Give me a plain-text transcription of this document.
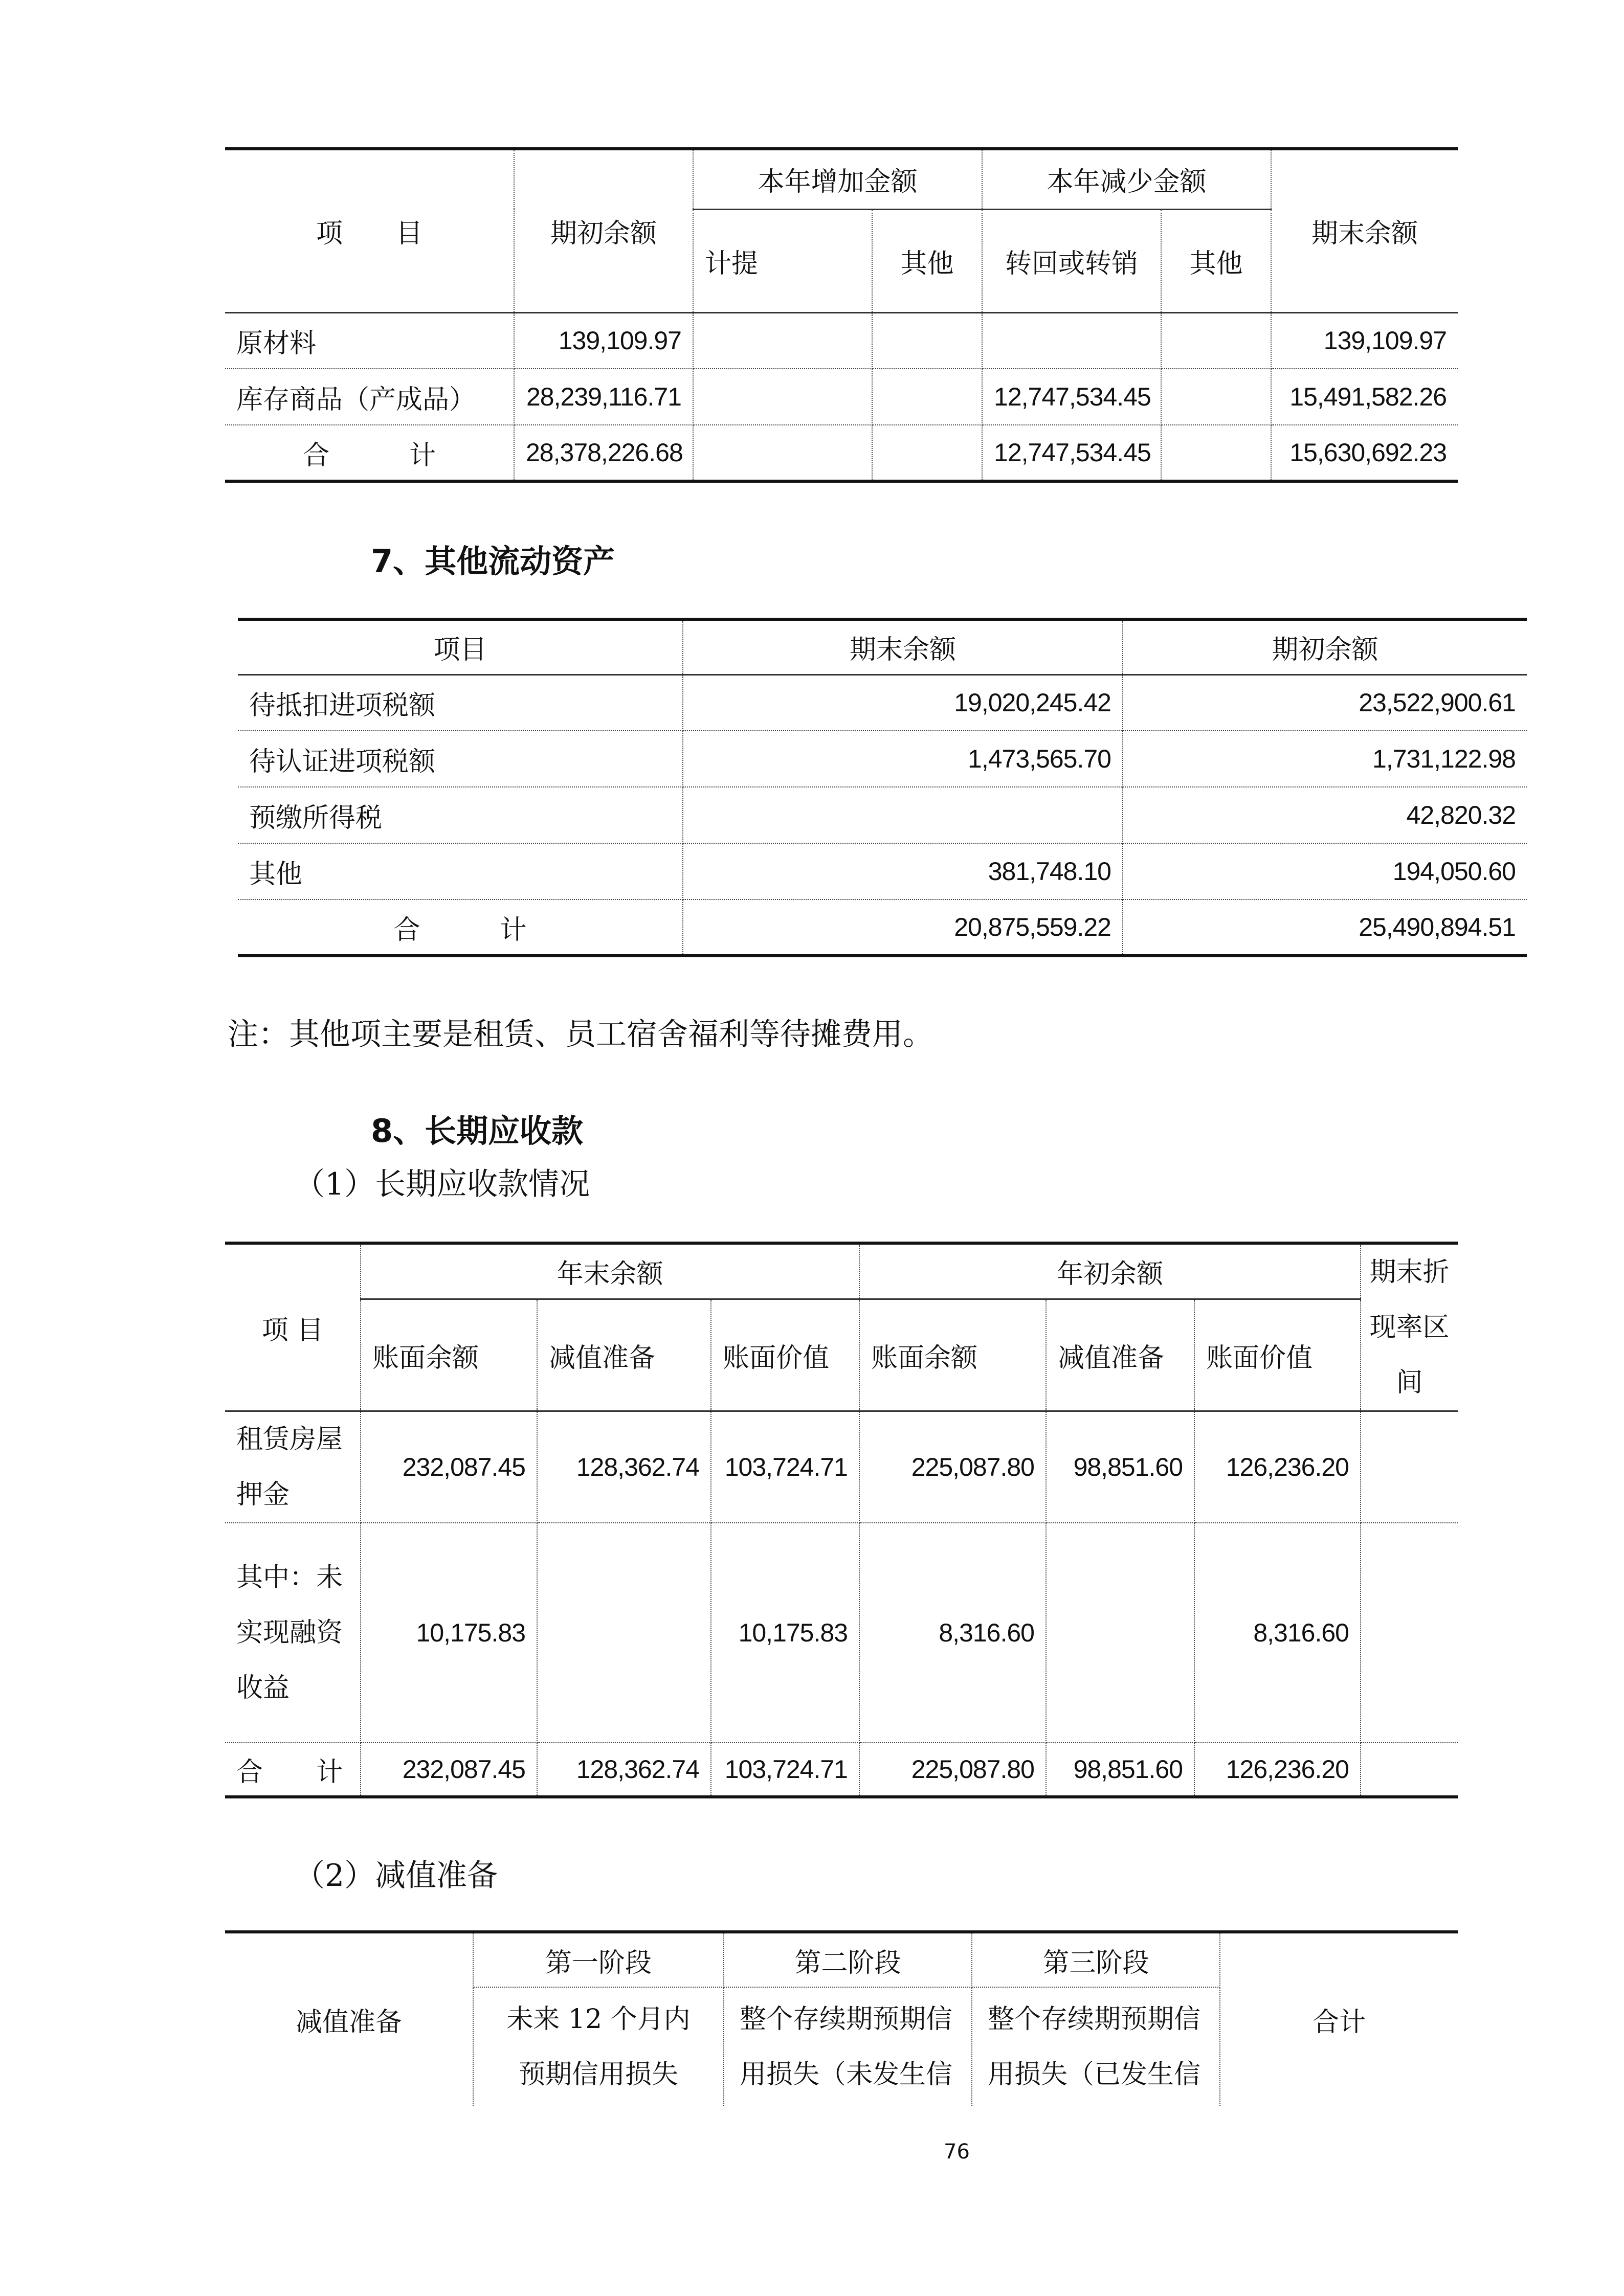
项　　目	期初余额	本年增加金额		本年减少金额		期末余额
		计提	其他	转回或转销	其他	
原材料	139,109.97					139,109.97
库存商品（产成品）	28,239,116.71			12,747,534.45		15,491,582.26
合　　　计	28,378,226.68			12,747,534.45		15,630,692.23
7、其他流动资产
项目	期末余额	期初余额
待抵扣进项税额	19,020,245.42	23,522,900.61
待认证进项税额	1,473,565.70	1,731,122.98
预缴所得税		42,820.32
其他	381,748.10	194,050.60
合　　　计	20,875,559.22	25,490,894.51
注：其他项主要是租赁、员工宿舍福利等待摊费用。
8、长期应收款
（1）长期应收款情况
项 目	年末余额			年初余额			期末折现率区间
	账面余额	减值准备	账面价值	账面余额	减值准备	账面价值	
租赁房屋押金	232,087.45	128,362.74	103,724.71	225,087.80	98,851.60	126,236.20	
其中：未实现融资收益	10,175.83		10,175.83	8,316.60		8,316.60	
合　　计	232,087.45	128,362.74	103,724.71	225,087.80	98,851.60	126,236.20	
（2）减值准备
减值准备	第一阶段	第二阶段	第三阶段	合计
	未来 12 个月内预期信用损失	整个存续期预期信用损失（未发生信	整个存续期预期信用损失（已发生信	
76
